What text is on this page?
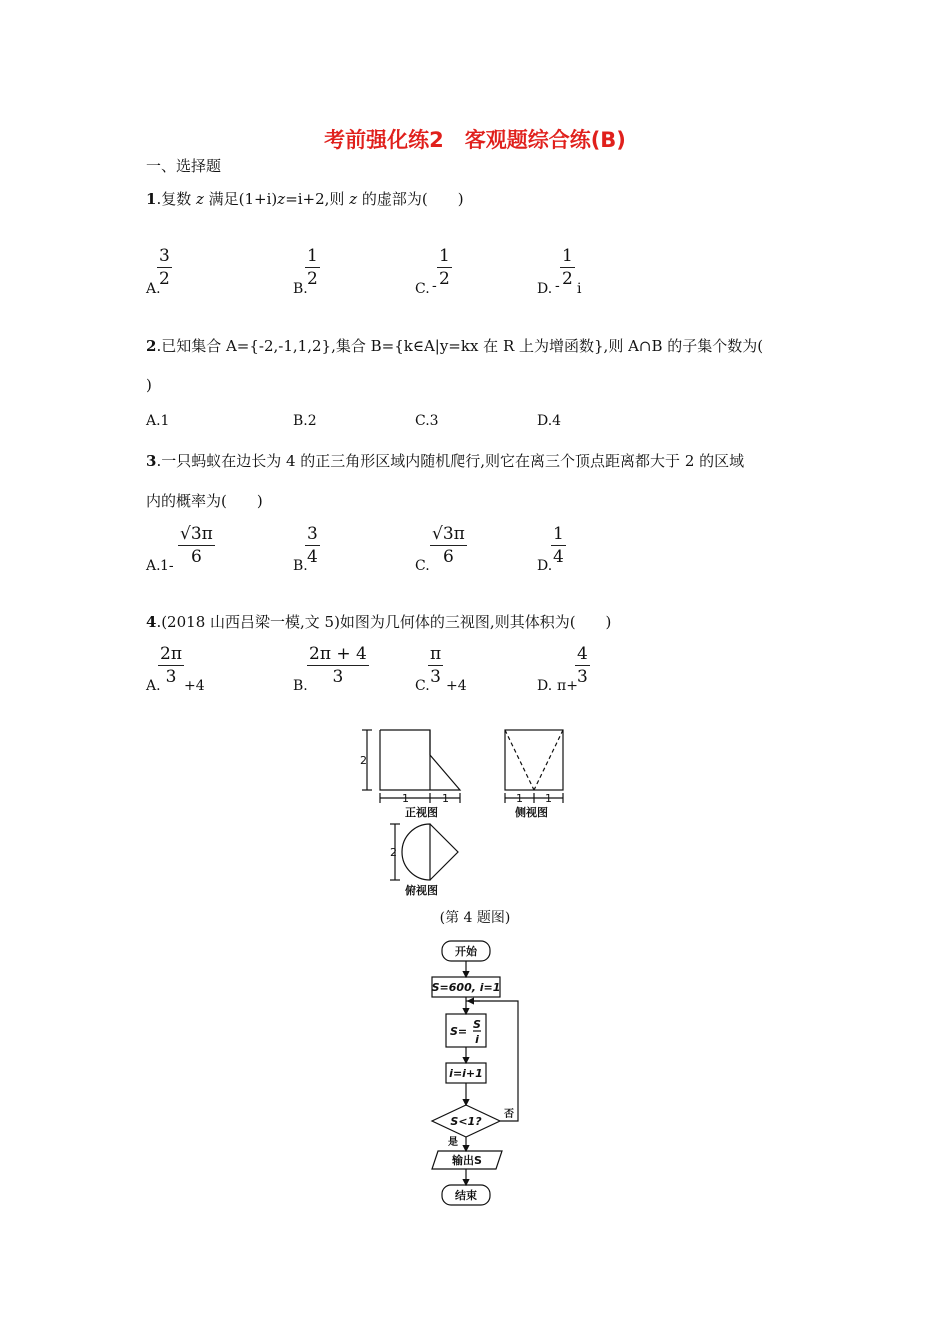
考前强化练2　客观题综合练(B)
一、选择题
1.复数 z 满足(1+i)z=i+2,则 z 的虚部为(　　)
A.
3
2	B.
1
2	C. -
1
2	D. -
1
2 i
2.已知集合 A={-2,-1,1,2},集合 B={k∈A|y=kx 在 R 上为增函数},则 A∩B 的子集个数为(
)
A.1	B.2	C.3	D.4
3.一只蚂蚁在边长为 4 的正三角形区域内随机爬行,则它在离三个顶点距离都大于 2 的区域
内的概率为(　　)
A. 1-
√3π
6	B.
3
4	C.
√3π
6	D.
1
4
4.(2018 山西吕梁一模,文 5)如图为几何体的三视图,则其体积为(　　)
A.
2π
3 +4	B.
2π + 4
3	C.
π
3 +4	D. π+
4
3
2
1	1	1 1
2
正视图	侧视图
俯视图
(第 4 题图)
开始
S=600, i=1
S=
S
i
i=i+1
S<1?
否
是
输出S
结束
